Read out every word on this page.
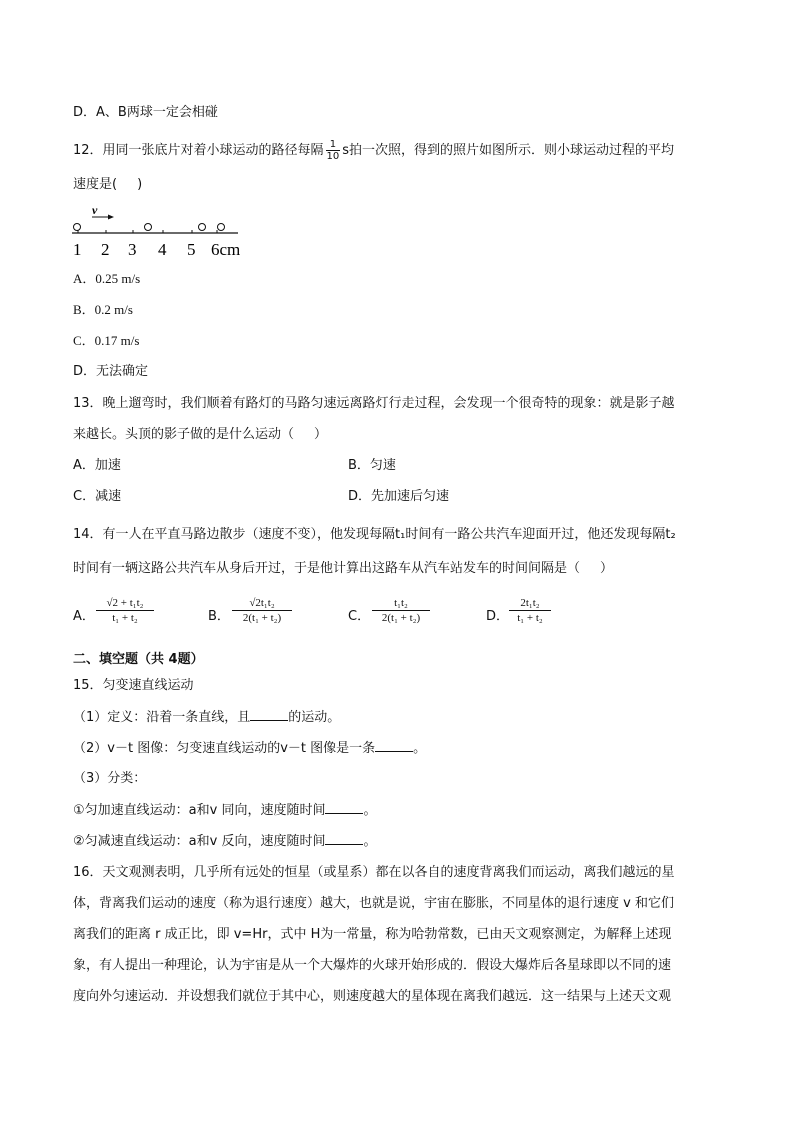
D．A、B两球一定会相碰
12．用同一张底片对着小球运动的路径每隔 $\frac{1}{10}$ s拍一次照，得到的照片如图所示．则小球运动过程的平均
速度是( )
v
1 2 3 4 5 6cm
A．0.25 m/s
B．0.2 m/s
C．0.17 m/s
D．无法确定
13．晚上遛弯时，我们顺着有路灯的马路匀速远离路灯行走过程，会发现一个很奇特的现象：就是影子越
来越长。头顶的影子做的是什么运动（ ）
A．加速	B．匀速
C．减速	D．先加速后匀速
14．有一人在平直马路边散步（速度不变），他发现每隔t₁时间有一路公共汽车迎面开过，他还发现每隔t₂
时间有一辆这路公共汽车从身后开过，于是他计算出这路车从汽车站发车的时间间隔是（ ）
A． $\frac{\text{√2 + t₁t₂}}{\text{t₁ + t₂}}$	B． $\frac{\text{√2t₁t₂}}{\text{2(t₁ + t₂)}}$	C． $\frac{\text{t₁t₂}}{\text{2(t₁ + t₂)}}$	D． $\frac{\text{2t₁t₂}}{\text{t₁ + t₂}}$
二、填空题（共 4题）
15．匀变速直线运动
（1）定义：沿着一条直线，且	的运动。
（2）v－t 图像：匀变速直线运动的v－t 图像是一条	。
（3）分类：
①匀加速直线运动：a和v 同向，速度随时间	。
②匀减速直线运动：a和v 反向，速度随时间	。
16．天文观测表明，几乎所有远处的恒星（或星系）都在以各自的速度背离我们而运动，离我们越远的星
体，背离我们运动的速度（称为退行速度）越大，也就是说，宇宙在膨胀，不同星体的退行速度 v 和它们
离我们的距离 r 成正比，即 v=Hr，式中 H为一常量，称为哈勃常数，已由天文观察测定，为解释上述现
象，有人提出一种理论，认为宇宙是从一个大爆炸的火球开始形成的．假设大爆炸后各星球即以不同的速
度向外匀速运动．并设想我们就位于其中心，则速度越大的星体现在离我们越远．这一结果与上述天文观
